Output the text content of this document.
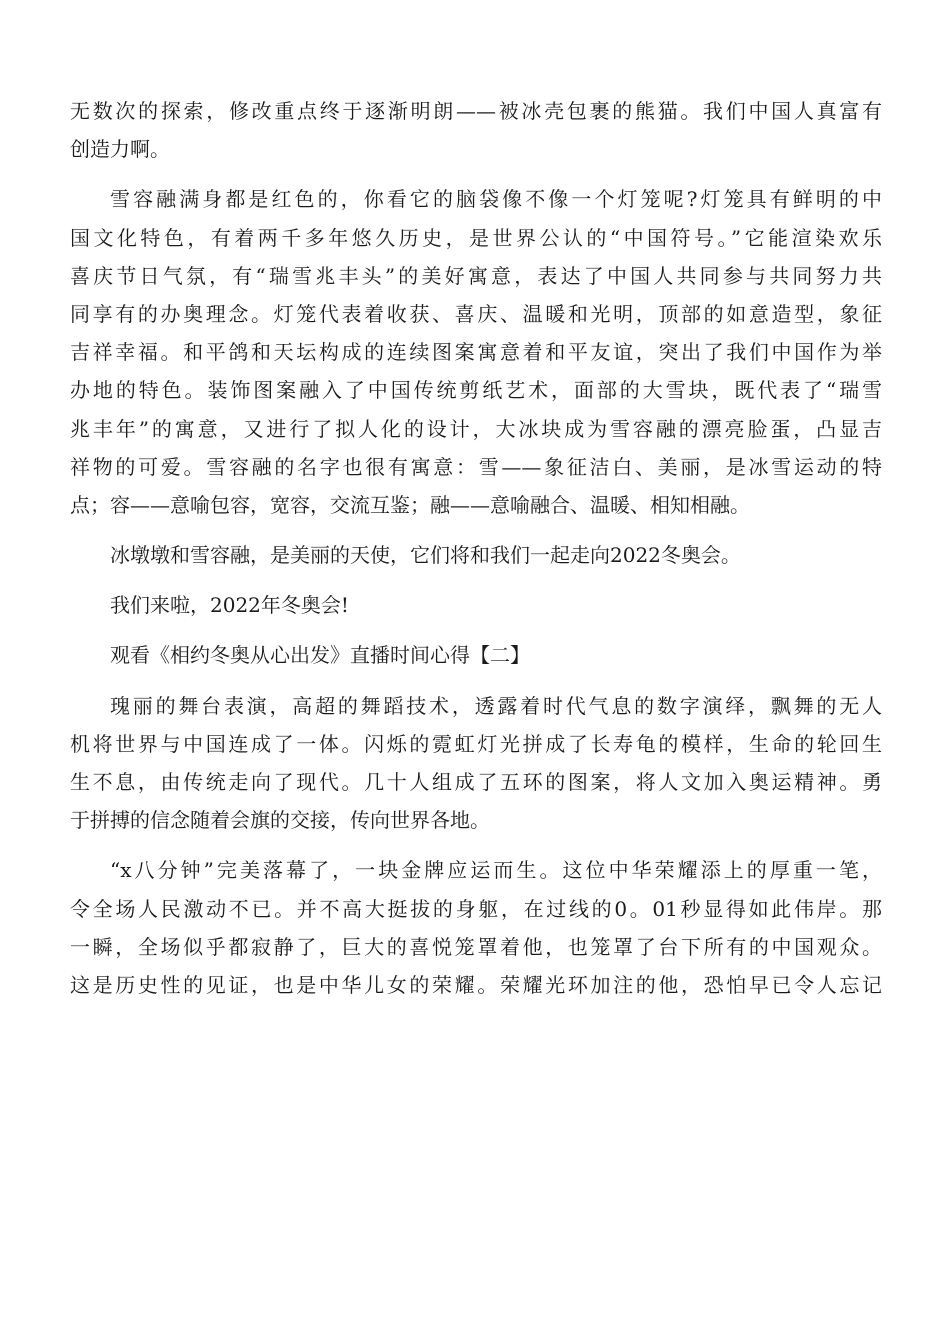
无数次的探索，修改重点终于逐渐明朗——被冰壳包裹的熊猫。我们中国人真富有
创造力啊。
雪容融满身都是红色的，你看它的脑袋像不像一个灯笼呢?灯笼具有鲜明的中
国文化特色，有着两千多年悠久历史，是世界公认的“中国符号。”它能渲染欢乐
喜庆节日气氛，有“瑞雪兆丰头”的美好寓意，表达了中国人共同参与共同努力共
同享有的办奥理念。灯笼代表着收获、喜庆、温暖和光明，顶部的如意造型，象征
吉祥幸福。和平鸽和天坛构成的连续图案寓意着和平友谊，突出了我们中国作为举
办地的特色。装饰图案融入了中国传统剪纸艺术，面部的大雪块，既代表了“瑞雪
兆丰年”的寓意，又进行了拟人化的设计，大冰块成为雪容融的漂亮脸蛋，凸显吉
祥物的可爱。雪容融的名字也很有寓意：雪——象征洁白、美丽，是冰雪运动的特
点；容——意喻包容，宽容，交流互鉴；融——意喻融合、温暖、相知相融。
冰墩墩和雪容融，是美丽的天使，它们将和我们一起走向2022冬奥会。
我们来啦，2022年冬奥会!
观看《相约冬奥从心出发》直播时间心得【二】
瑰丽的舞台表演，高超的舞蹈技术，透露着时代气息的数字演绎，飘舞的无人
机将世界与中国连成了一体。闪烁的霓虹灯光拼成了长寿龟的模样，生命的轮回生
生不息，由传统走向了现代。几十人组成了五环的图案，将人文加入奥运精神。勇
于拼搏的信念随着会旗的交接，传向世界各地。
“x八分钟”完美落幕了，一块金牌应运而生。这位中华荣耀添上的厚重一笔，
令全场人民激动不已。并不高大挺拔的身躯，在过线的0。01秒显得如此伟岸。那
一瞬，全场似乎都寂静了，巨大的喜悦笼罩着他，也笼罩了台下所有的中国观众。
这是历史性的见证，也是中华儿女的荣耀。荣耀光环加注的他，恐怕早已令人忘记
